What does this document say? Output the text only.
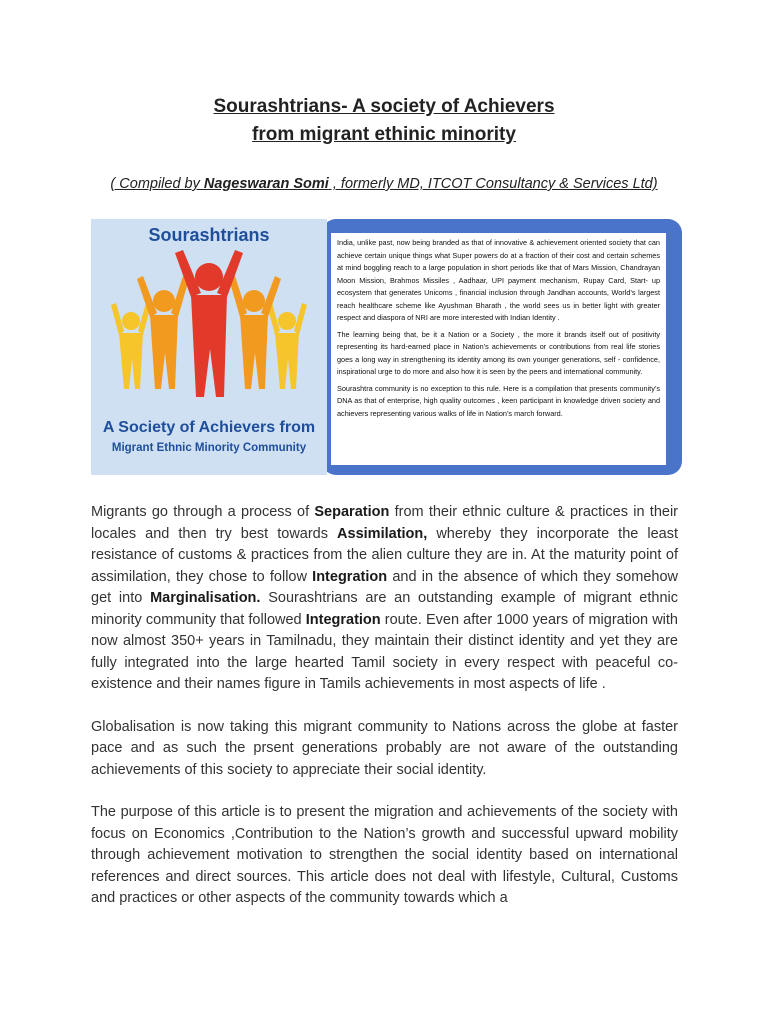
Sourashtrians- A society of Achievers
from migrant ethinic minority
( Compiled by Nageswaran Somi , formerly MD, ITCOT Consultancy & Services Ltd)
Sourashtrians
A Society of Achievers from
Migrant Ethnic Minority Community

India, unlike past, now being branded as that of innovative & achievement oriented society that can achieve certain unique things what Super powers do at a fraction of their cost and certain schemes at mind boggling reach to a large population in short periods like that of Mars Mission, Chandrayan Moon Mission, Brahmos Missiles , Aadhaar, UPI payment mechanism, Rupay Card, Start- up ecosystem that generates Unicoms , financial inclusion through Jandhan accounts, World’s largest reach healthcare scheme like Ayushman Bharath , the world sees us in better light with greater respect and diaspora of NRI are more interested with Indian Identity .

The learning being that, be it a Nation or a Society , the more it brands itself out of positivity representing its hard-earned place in Nation’s achievements or contributions from real life stories goes a long way in strengthening its identity among its own younger generations, self - confidence, inspirational urge to do more and also how it is seen by the peers and international community.

Sourashtra community is no exception to this rule. Here is a compilation that presents community’s DNA as that of enterprise, high quality outcomes , keen participant in knowledge driven society and achievers representing various walks of life in Nation’s march forward.

Migrants go through a process of Separation from their ethnic culture & practices in their locales and then try best towards Assimilation, whereby they incorporate the least resistance of customs & practices from the alien culture they are in. At the maturity point of assimilation, they chose to follow Integration and in the absence of which they somehow get into Marginalisation. Sourashtrians are an outstanding example of migrant ethnic minority community that followed Integration route. Even after 1000 years of migration with now almost 350+ years in Tamilnadu, they maintain their distinct identity and yet they are fully integrated into the large hearted Tamil society in every respect with peaceful co-existence and their names figure in Tamils achievements in most aspects of life .

Globalisation is now taking this migrant community to Nations across the globe at faster pace and as such the prsent generations probably are not aware of the outstanding achievements of this society to appreciate their social identity.

The purpose of this article is to present the migration and achievements of the society with focus on Economics ,Contribution to the Nation’s growth and successful upward mobility through achievement motivation to strengthen the social identity based on international references and direct sources. This article does not deal with lifestyle, Cultural, Customs and practices or other aspects of the community towards which a
